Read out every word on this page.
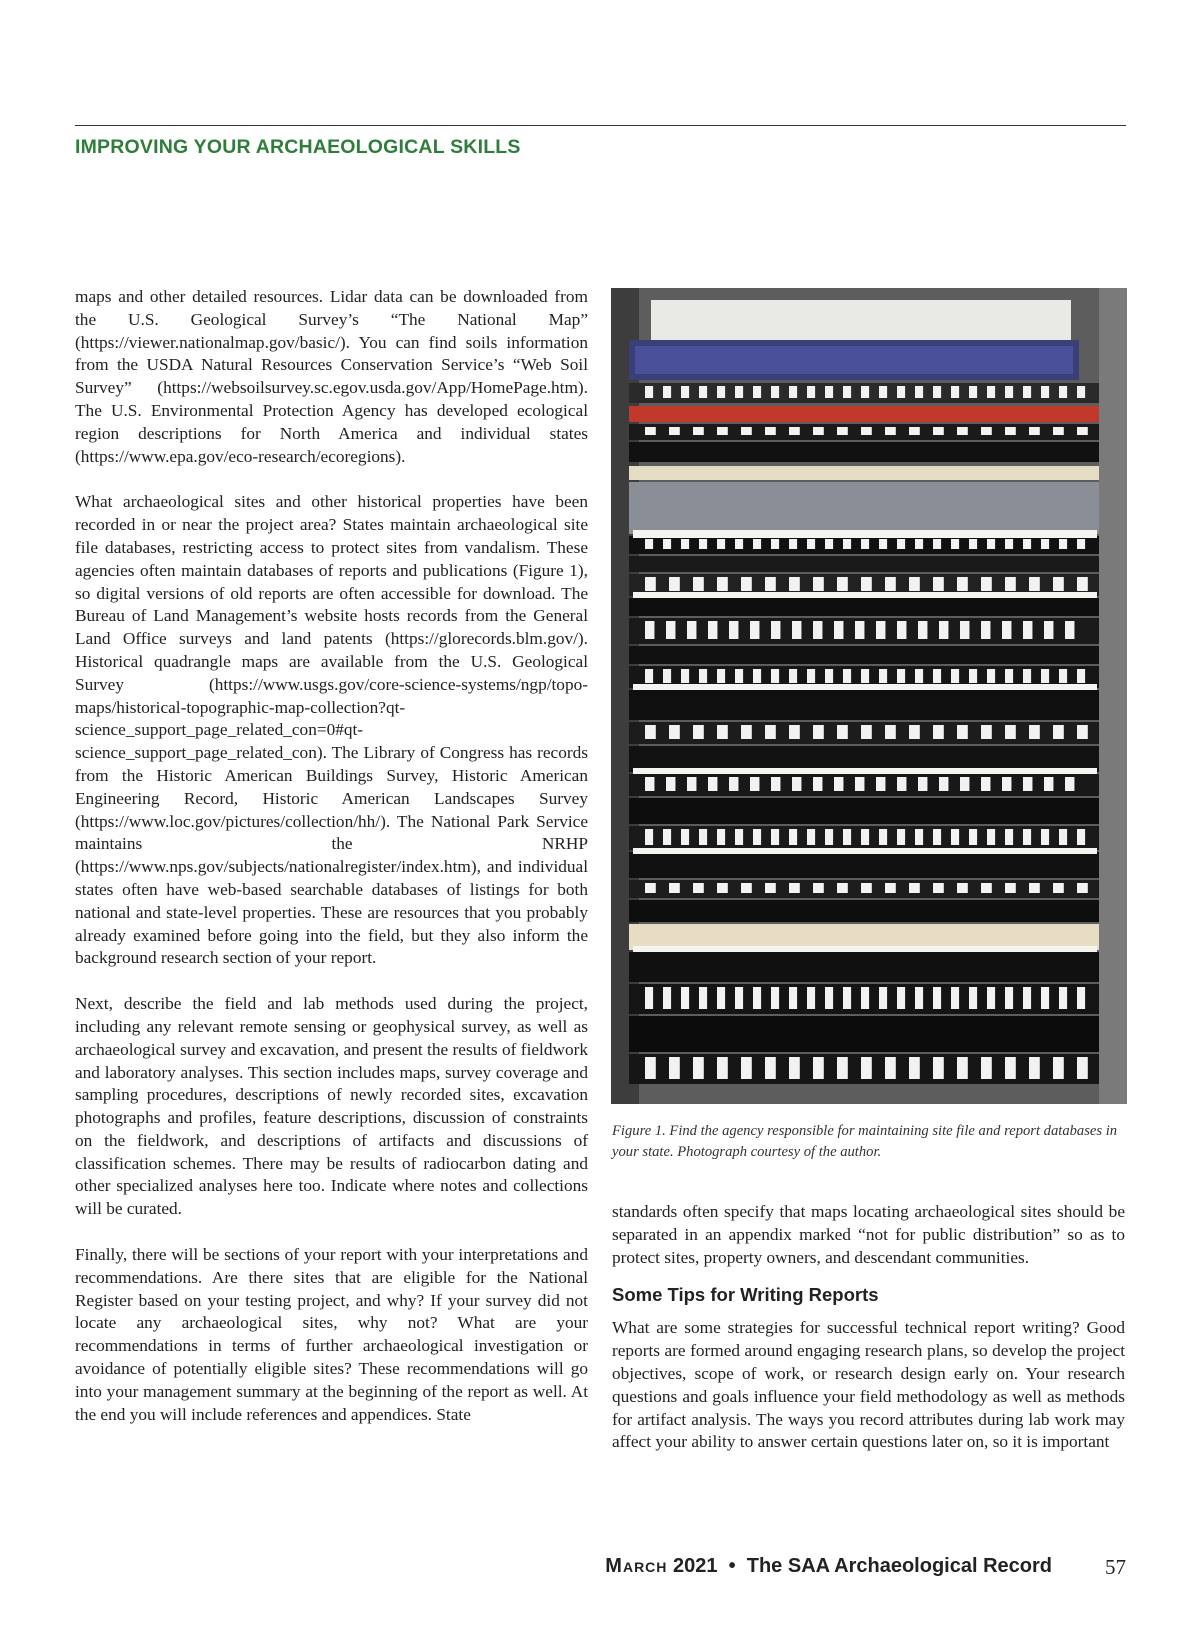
IMPROVING YOUR ARCHAEOLOGICAL SKILLS

maps and other detailed resources. Lidar data can be downloaded from the U.S. Geological Survey’s “The National Map” (https://viewer.nationalmap.gov/basic/). You can find soils information from the USDA Natural Resources Conservation Service’s “Web Soil Survey” (https://websoilsurvey.sc.egov.usda.gov/App/HomePage.htm). The U.S. Environmental Protection Agency has developed ecological region descriptions for North America and individual states (https://www.epa.gov/eco-research/ecoregions).

What archaeological sites and other historical properties have been recorded in or near the project area? States maintain archaeological site file databases, restricting access to protect sites from vandalism. These agencies often maintain databases of reports and publications (Figure 1), so digital versions of old reports are often accessible for download. The Bureau of Land Management’s website hosts records from the General Land Office surveys and land patents (https://glorecords.blm.gov/). Historical quadrangle maps are available from the U.S. Geological Survey (https://www.usgs.gov/core-science-systems/ngp/topo-maps/historical-topographic-map-collection?qt-science_support_page_related_con=0#qt-science_support_page_related_con). The Library of Congress has records from the Historic American Buildings Survey, Historic American Engineering Record, Historic American Landscapes Survey (https://www.loc.gov/pictures/collection/hh/). The National Park Service maintains the NRHP (https://www.nps.gov/subjects/nationalregister/index.htm), and individual states often have web-based searchable databases of listings for both national and state-level properties. These are resources that you probably already examined before going into the field, but they also inform the background research section of your report.

Next, describe the field and lab methods used during the project, including any relevant remote sensing or geophysical survey, as well as archaeological survey and excavation, and present the results of fieldwork and laboratory analyses. This section includes maps, survey coverage and sampling procedures, descriptions of newly recorded sites, excavation photographs and profiles, feature descriptions, discussion of constraints on the fieldwork, and descriptions of artifacts and discussions of classification schemes. There may be results of radiocarbon dating and other specialized analyses here too. Indicate where notes and collections will be curated.

Finally, there will be sections of your report with your interpretations and recommendations. Are there sites that are eligible for the National Register based on your testing project, and why? If your survey did not locate any archaeological sites, why not? What are your recommendations in terms of further archaeological investigation or avoidance of potentially eligible sites? These recommendations will go into your management summary at the beginning of the report as well. At the end you will include references and appendices. State

Figure 1. Find the agency responsible for maintaining site file and report databases in your state. Photograph courtesy of the author.

standards often specify that maps locating archaeological sites should be separated in an appendix marked “not for public distribution” so as to protect sites, property owners, and descendant communities.

Some Tips for Writing Reports

What are some strategies for successful technical report writing? Good reports are formed around engaging research plans, so develop the project objectives, scope of work, or research design early on. Your research questions and goals influence your field methodology as well as methods for artifact analysis. The ways you record attributes during lab work may affect your ability to answer certain questions later on, so it is important

March 2021 • The SAA Archaeological Record	57
